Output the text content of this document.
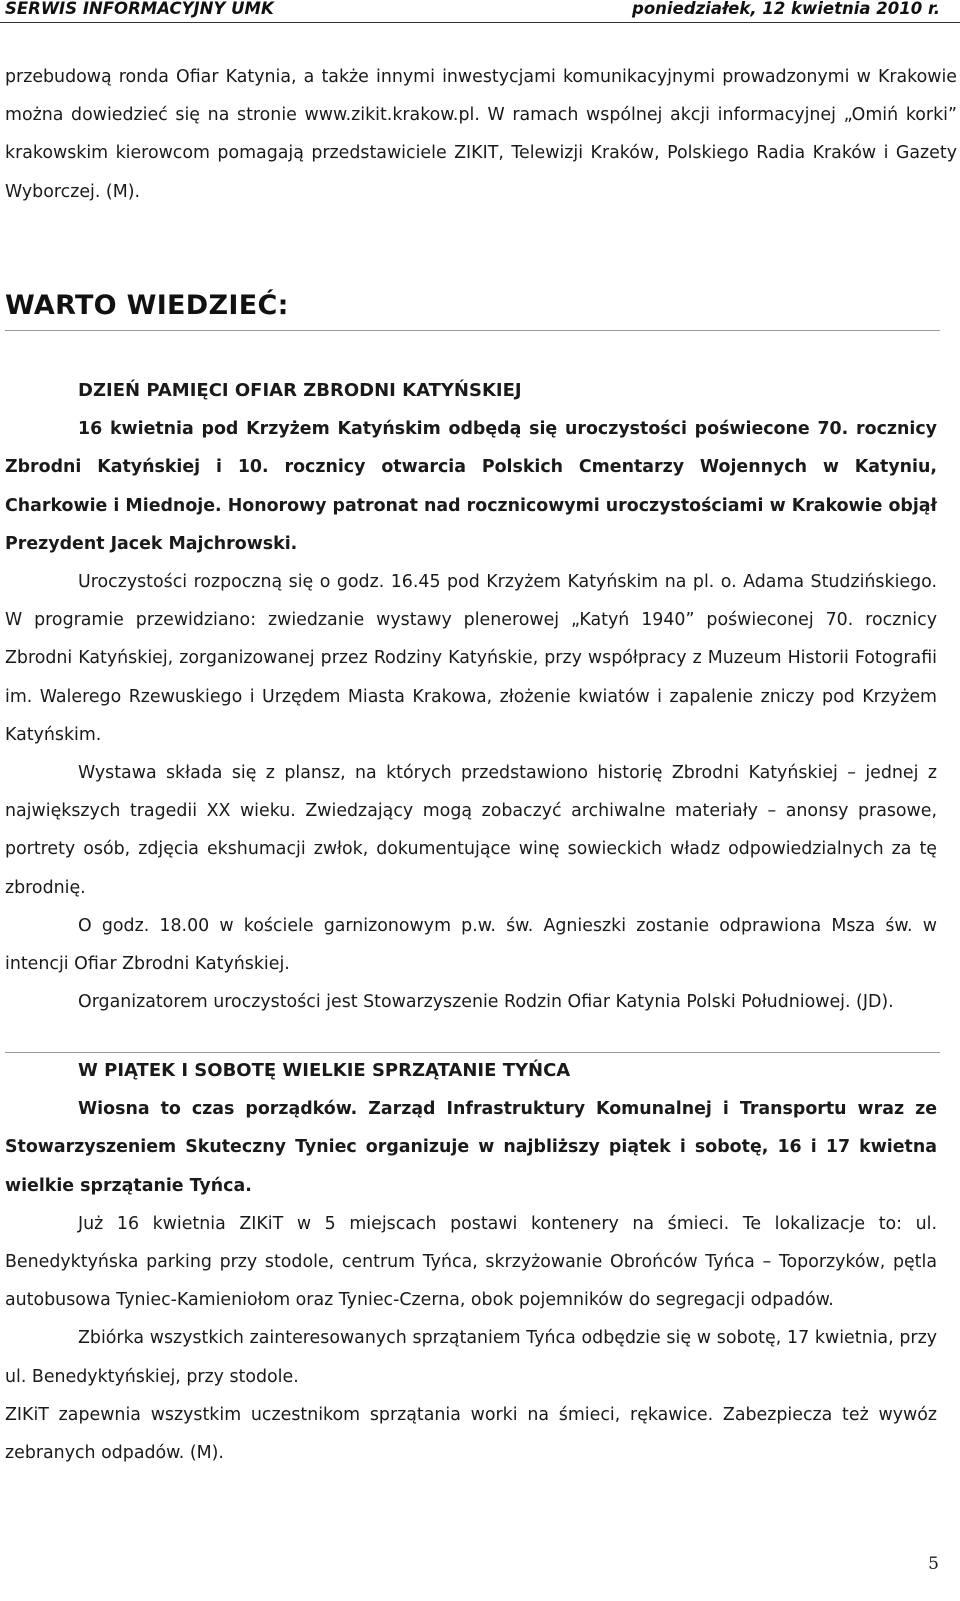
SERWIS INFORMACYJNY UMK	poniedziałek, 12 kwietnia 2010 r.

przebudową ronda Ofiar Katynia, a także innymi inwestycjami komunikacyjnymi prowadzonymi w Krakowie można dowiedzieć się na stronie www.zikit.krakow.pl. W ramach wspólnej akcji informacyjnej „Omiń korki” krakowskim kierowcom pomagają przedstawiciele ZIKIT, Telewizji Kraków, Polskiego Radia Kraków i Gazety Wyborczej. (M).

WARTO WIEDZIEĆ:

DZIEŃ PAMIĘCI OFIAR ZBRODNI KATYŃSKIEJ

16 kwietnia pod Krzyżem Katyńskim odbędą się uroczystości poświecone 70. rocznicy Zbrodni Katyńskiej i 10. rocznicy otwarcia Polskich Cmentarzy Wojennych w Katyniu, Charkowie i Miednoje. Honorowy patronat nad rocznicowymi uroczystościami w Krakowie objął Prezydent Jacek Majchrowski.

Uroczystości rozpoczną się o godz. 16.45 pod Krzyżem Katyńskim na pl. o. Adama Studzińskiego. W programie przewidziano: zwiedzanie wystawy plenerowej „Katyń 1940” poświeconej 70. rocznicy Zbrodni Katyńskiej, zorganizowanej przez Rodziny Katyńskie, przy współpracy z Muzeum Historii Fotografii im. Walerego Rzewuskiego i Urzędem Miasta Krakowa, złożenie kwiatów i zapalenie zniczy pod Krzyżem Katyńskim.

Wystawa składa się z plansz, na których przedstawiono historię Zbrodni Katyńskiej – jednej z największych tragedii XX wieku. Zwiedzający mogą zobaczyć archiwalne materiały – anonsy prasowe, portrety osób, zdjęcia ekshumacji zwłok, dokumentujące winę sowieckich władz odpowiedzialnych za tę zbrodnię.

O godz. 18.00 w kościele garnizonowym p.w. św. Agnieszki zostanie odprawiona Msza św. w intencji Ofiar Zbrodni Katyńskiej.

Organizatorem uroczystości jest Stowarzyszenie Rodzin Ofiar Katynia Polski Południowej. (JD).

W PIĄTEK I SOBOTĘ WIELKIE SPRZĄTANIE TYŃCA

Wiosna to czas porządków. Zarząd Infrastruktury Komunalnej i Transportu wraz ze Stowarzyszeniem Skuteczny Tyniec organizuje w najbliższy piątek i sobotę, 16 i 17 kwietna wielkie sprzątanie Tyńca.

Już 16 kwietnia ZIKiT w 5 miejscach postawi kontenery na śmieci. Te lokalizacje to: ul. Benedyktyńska parking przy stodole, centrum Tyńca, skrzyżowanie Obrońców Tyńca – Toporzyków, pętla autobusowa Tyniec-Kamieniołom oraz Tyniec-Czerna, obok pojemników do segregacji odpadów.

Zbiórka wszystkich zainteresowanych sprzątaniem Tyńca odbędzie się w sobotę, 17 kwietnia, przy ul. Benedyktyńskiej, przy stodole.

ZIKiT zapewnia wszystkim uczestnikom sprzątania worki na śmieci, rękawice. Zabezpiecza też wywóz zebranych odpadów. (M).

5
